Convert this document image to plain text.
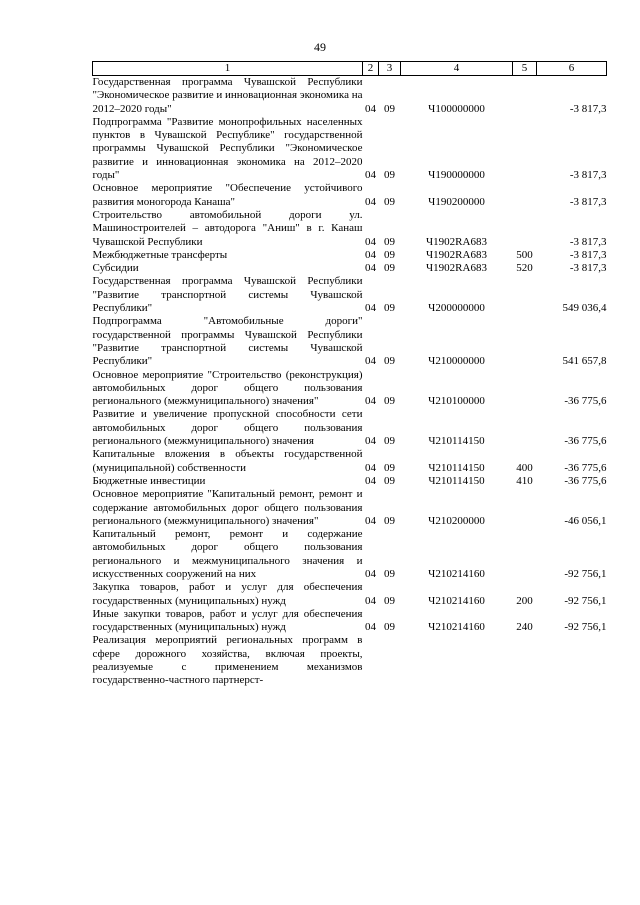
49
1	2	3	4	5	6
Государственная программа Чувашской Республики "Экономическое развитие и инновационная экономика на 2012–2020 годы"	04	09	Ч100000000		-3 817,3
Подпрограмма "Развитие монопрофильных населенных пунктов в Чувашской Республике" государственной программы Чувашской Республики "Экономическое развитие и инновационная экономика на 2012–2020 годы"	04	09	Ч190000000		-3 817,3
Основное мероприятие "Обеспечение устойчивого развития моногорода Канаша"	04	09	Ч190200000		-3 817,3
Строительство автомобильной дороги ул. Машиностроителей – автодорога "Аниш" в г. Канаш Чувашской Республики	04	09	Ч1902RA683		-3 817,3
Межбюджетные трансферты	04	09	Ч1902RA683	500	-3 817,3
Субсидии	04	09	Ч1902RA683	520	-3 817,3
Государственная программа Чувашской Республики "Развитие транспортной системы Чувашской Республики"	04	09	Ч200000000		549 036,4
Подпрограмма "Автомобильные дороги" государственной программы Чувашской Республики "Развитие транспортной системы Чувашской Республики"	04	09	Ч210000000		541 657,8
Основное мероприятие "Строительство (реконструкция) автомобильных дорог общего пользования регионального (межмуниципального) значения"	04	09	Ч210100000		-36 775,6
Развитие и увеличение пропускной способности сети автомобильных дорог общего пользования регионального (межмуниципального) значения	04	09	Ч210114150		-36 775,6
Капитальные вложения в объекты государственной (муниципальной) собственности	04	09	Ч210114150	400	-36 775,6
Бюджетные инвестиции	04	09	Ч210114150	410	-36 775,6
Основное мероприятие "Капитальный ремонт, ремонт и содержание автомобильных дорог общего пользования регионального (межмуниципального) значения"	04	09	Ч210200000		-46 056,1
Капитальный ремонт, ремонт и содержание автомобильных дорог общего пользования регионального и межмуниципального значения и искусственных сооружений на них	04	09	Ч210214160		-92 756,1
Закупка товаров, работ и услуг для обеспечения государственных (муниципальных) нужд	04	09	Ч210214160	200	-92 756,1
Иные закупки товаров, работ и услуг для обеспечения государственных (муниципальных) нужд	04	09	Ч210214160	240	-92 756,1
Реализация мероприятий региональных программ в сфере дорожного хозяйства, включая проекты, реализуемые с применением механизмов государственно-частного партнерст-					
